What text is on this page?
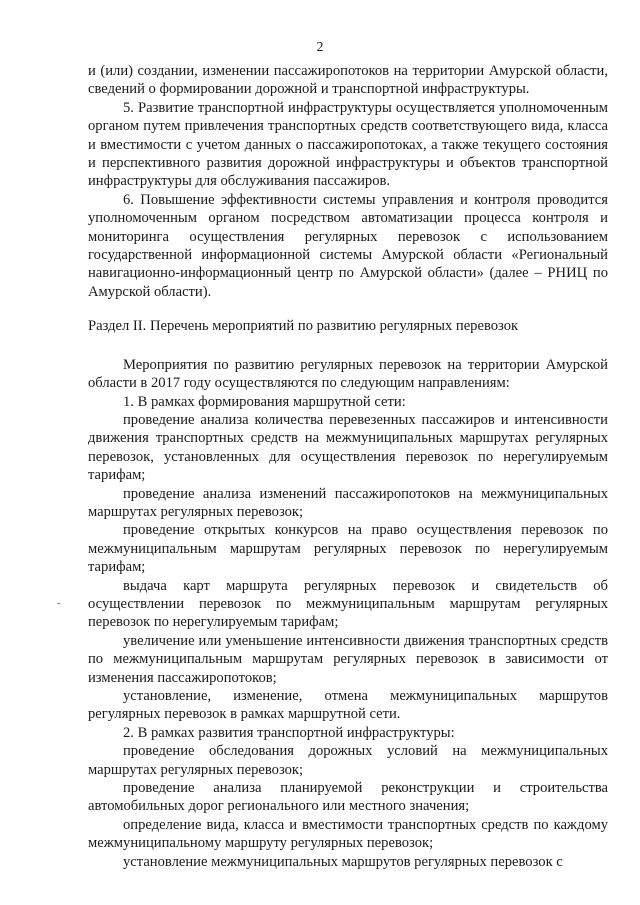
2

и (или) создании, изменении пассажиропотоков на территории Амурской области, сведений о формировании дорожной и транспортной инфраструктуры.

5. Развитие транспортной инфраструктуры осуществляется уполномоченным органом путем привлечения транспортных средств соответствующего вида, класса и вместимости с учетом данных о пассажиропотоках, а также текущего состояния и перспективного развития дорожной инфраструктуры и объектов транспортной инфраструктуры для обслуживания пассажиров.

6. Повышение эффективности системы управления и контроля проводится уполномоченным органом посредством автоматизации процесса контроля и мониторинга осуществления регулярных перевозок с использованием государственной информационной системы Амурской области «Региональный навигационно-информационный центр по Амурской области» (далее – РНИЦ по Амурской области).

Раздел II. Перечень мероприятий по развитию регулярных перевозок

Мероприятия по развитию регулярных перевозок на территории Амурской области в 2017 году осуществляются по следующим направлениям:

1. В рамках формирования маршрутной сети:

проведение анализа количества перевезенных пассажиров и интенсивности движения транспортных средств на межмуниципальных маршрутах регулярных перевозок, установленных для осуществления перевозок по нерегулируемым тарифам;

проведение анализа изменений пассажиропотоков на межмуниципальных маршрутах регулярных перевозок;

проведение открытых конкурсов на право осуществления перевозок по межмуниципальным маршрутам регулярных перевозок по нерегулируемым тарифам;

выдача карт маршрута регулярных перевозок и свидетельств об осуществлении перевозок по межмуниципальным маршрутам регулярных перевозок по нерегулируемым тарифам;

увеличение или уменьшение интенсивности движения транспортных средств по межмуниципальным маршрутам регулярных перевозок в зависимости от изменения пассажиропотоков;

установление, изменение, отмена межмуниципальных маршрутов регулярных перевозок в рамках маршрутной сети.

2. В рамках развития транспортной инфраструктуры:

проведение обследования дорожных условий на межмуниципальных маршрутах регулярных перевозок;

проведение анализа планируемой реконструкции и строительства автомобильных дорог регионального или местного значения;

определение вида, класса и вместимости транспортных средств по каждому межмуниципальному маршруту регулярных перевозок;

установление межмуниципальных маршрутов регулярных перевозок с

-
